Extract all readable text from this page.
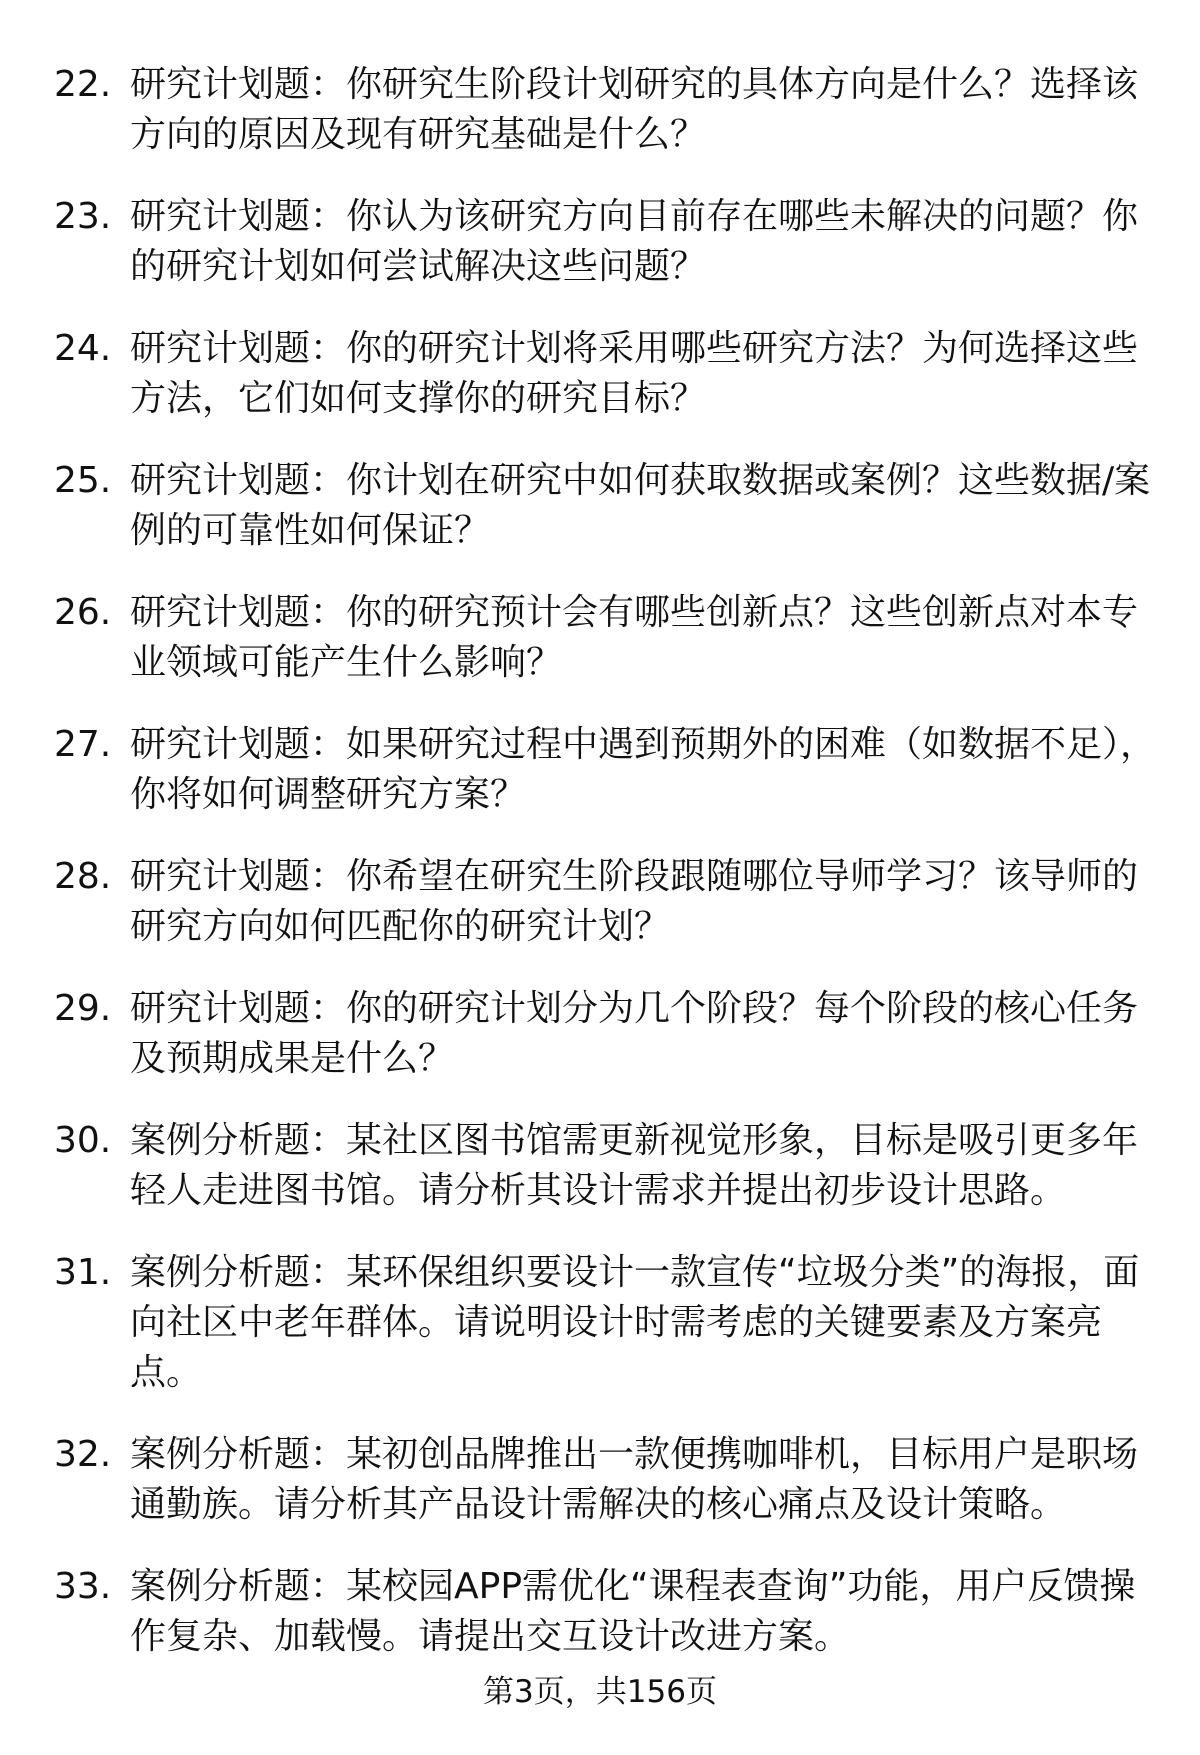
22. 研究计划题：你研究生阶段计划研究的具体方向是什么？选择该方向的原因及现有研究基础是什么？
23. 研究计划题：你认为该研究方向目前存在哪些未解决的问题？你的研究计划如何尝试解决这些问题？
24. 研究计划题：你的研究计划将采用哪些研究方法？为何选择这些方法，它们如何支撑你的研究目标？
25. 研究计划题：你计划在研究中如何获取数据或案例？这些数据/案例的可靠性如何保证？
26. 研究计划题：你的研究预计会有哪些创新点？这些创新点对本专业领域可能产生什么影响？
27. 研究计划题：如果研究过程中遇到预期外的困难（如数据不足），你将如何调整研究方案？
28. 研究计划题：你希望在研究生阶段跟随哪位导师学习？该导师的研究方向如何匹配你的研究计划？
29. 研究计划题：你的研究计划分为几个阶段？每个阶段的核心任务及预期成果是什么？
30. 案例分析题：某社区图书馆需更新视觉形象，目标是吸引更多年轻人走进图书馆。请分析其设计需求并提出初步设计思路。
31. 案例分析题：某环保组织要设计一款宣传“垃圾分类”的海报，面向社区中老年群体。请说明设计时需考虑的关键要素及方案亮点。
32. 案例分析题：某初创品牌推出一款便携咖啡机，目标用户是职场通勤族。请分析其产品设计需解决的核心痛点及设计策略。
33. 案例分析题：某校园APP需优化“课程表查询”功能，用户反馈操作复杂、加载慢。请提出交互设计改进方案。
第3页，共156页
